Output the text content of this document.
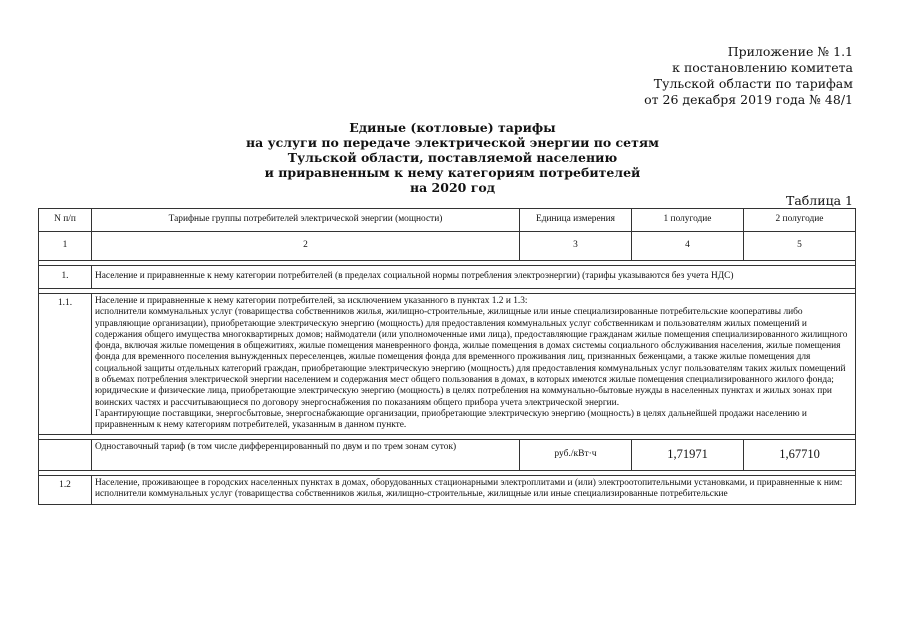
Приложение № 1.1
к постановлению комитета
Тульской области по тарифам
от 26 декабря 2019 года № 48/1
Единые (котловые) тарифы
на услуги по передаче электрической энергии по сетям
Тульской области, поставляемой населению
и приравненным к нему категориям потребителей
на 2020 год
Таблица 1
N п/п	Тарифные группы потребителей электрической энергии (мощности)	Единица измерения	1 полугодие	2 полугодие
1	2	3	4	5

1.	Население и приравненные к нему категории потребителей (в пределах социальной нормы потребления электроэнергии) (тарифы указываются без учета НДС)			

1.1.	Население и приравненные к нему категории потребителей, за исключением указанного в пунктах 1.2 и 1.3:
исполнители коммунальных услуг (товарищества собственников жилья, жилищно-строительные, жилищные или иные специализированные потребительские кооперативы либо управляющие организации), приобретающие электрическую энергию (мощность) для предоставления коммунальных услуг собственникам и пользователям жилых помещений и содержания общего имущества многоквартирных домов; наймодатели (или уполномоченные ими лица), предоставляющие гражданам жилые помещения специализированного жилищного фонда, включая жилые помещения в общежитиях, жилые помещения маневренного фонда, жилые помещения в домах системы социального обслуживания населения, жилые помещения фонда для временного поселения вынужденных переселенцев, жилые помещения фонда для временного проживания лиц, признанных беженцами, а также жилые помещения для социальной защиты отдельных категорий граждан, приобретающие электрическую энергию (мощность) для предоставления коммунальных услуг пользователям таких жилых помещений в объемах потребления электрической энергии населением и содержания мест общего пользования в домах, в которых имеются жилые помещения специализированного жилого фонда;
юридические и физические лица, приобретающие электрическую энергию (мощность) в целях потребления на коммунально-бытовые нужды в населенных пунктах и жилых зонах при воинских частях и рассчитывающиеся по договору энергоснабжения по показаниям общего прибора учета электрической энергии.
Гарантирующие поставщики, энергосбытовые, энергоснабжающие организации, приобретающие электрическую энергию (мощность) в целях дальнейшей продажи населению и приравненным к нему категориям потребителей, указанным в данном пункте.			

	Одноставочный тариф (в том числе дифференцированный по двум и по трем зонам суток)	руб./кВт·ч	1,71971	1,67710

1.2	Население, проживающее в городских населенных пунктах в домах, оборудованных стационарными электроплитами и (или) электроотопительными установками, и приравненные к ним:
исполнители коммунальных услуг (товарищества собственников жилья, жилищно-строительные, жилищные или иные специализированные потребительские			
